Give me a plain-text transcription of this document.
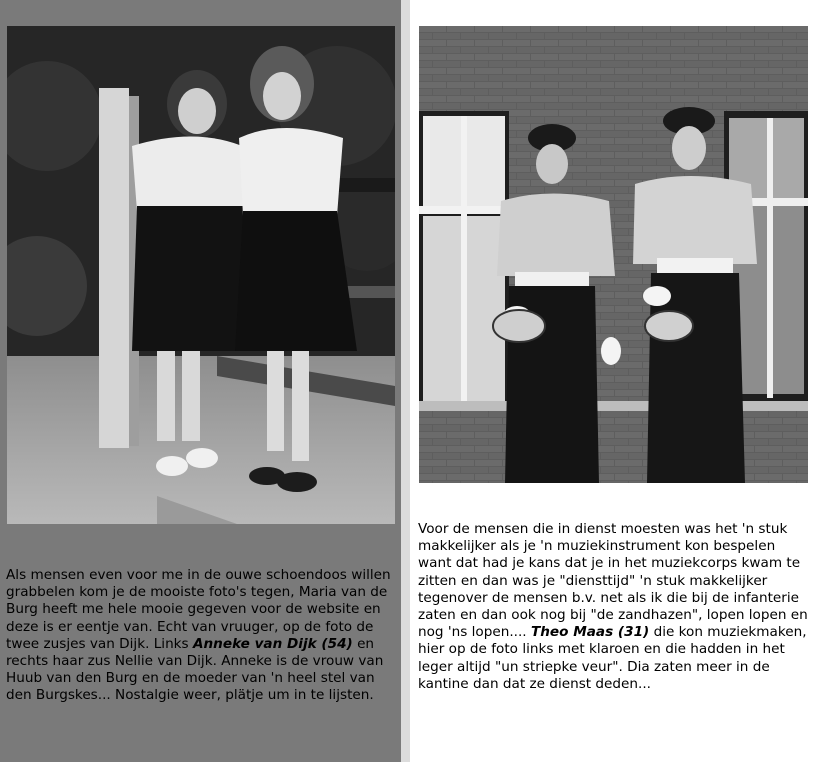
Als mensen even voor me in de ouwe schoendoos willen grabbelen kom je de mooiste foto's tegen, Maria van de Burg heeft me hele mooie gegeven voor de website en deze is er eentje van. Echt van vruuger, op de foto de twee zusjes van Dijk. Links Anneke van Dijk (54) en rechts haar zus Nellie van Dijk. Anneke is de vrouw van Huub van den Burg en de moeder van 'n heel stel van den Burgskes... Nostalgie weer, plätje um in te lijsten.

Voor de mensen die in dienst moesten was het 'n stuk makkelijker als je 'n muziekinstrument kon bespelen want dat had je kans dat je in het muziekcorps kwam te zitten en dan was je "diensttijd" 'n stuk makkelijker tegenover de mensen b.v. net als ik die bij de infanterie zaten en dan ook nog bij "de zandhazen", lopen lopen en nog 'ns lopen.... Theo Maas (31) die kon muziekmaken, hier op de foto links met klaroen en die hadden in het leger altijd "un striepke veur". Dia zaten meer in de kantine dan dat ze dienst deden...
